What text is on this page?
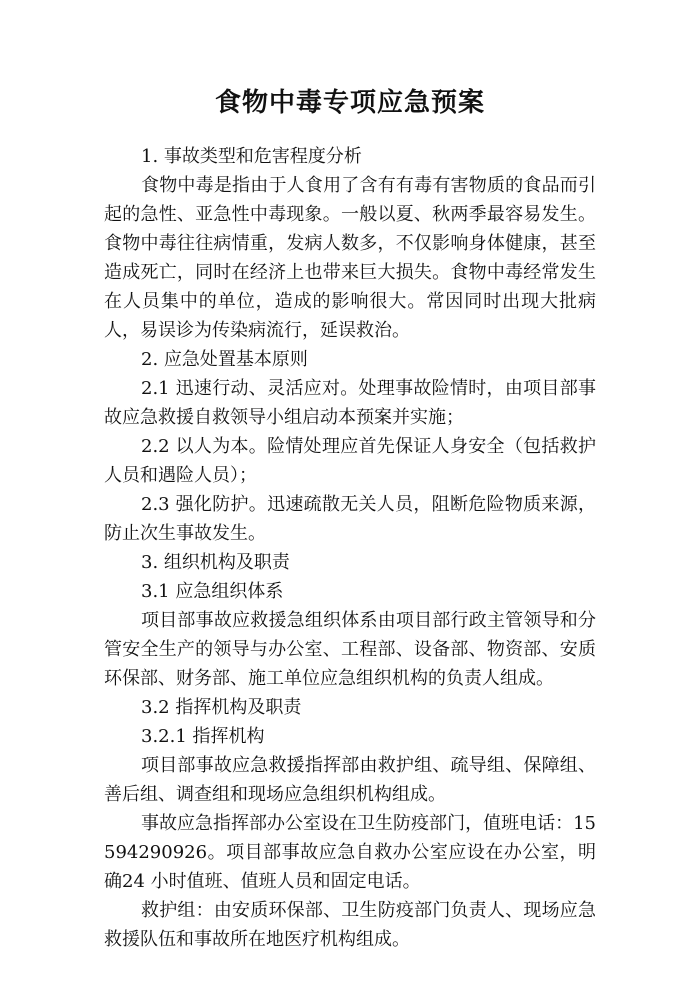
食物中毒专项应急预案

1. 事故类型和危害程度分析

食物中毒是指由于人食用了含有有毒有害物质的食品而引起的急性、亚急性中毒现象。一般以夏、秋两季最容易发生。食物中毒往往病情重，发病人数多，不仅影响身体健康，甚至造成死亡，同时在经济上也带来巨大损失。食物中毒经常发生在人员集中的单位，造成的影响很大。常因同时出现大批病人，易误诊为传染病流行，延误救治。

2. 应急处置基本原则

2.1 迅速行动、灵活应对。处理事故险情时，由项目部事故应急救援自救领导小组启动本预案并实施；

2.2 以人为本。险情处理应首先保证人身安全（包括救护人员和遇险人员）；

2.3 强化防护。迅速疏散无关人员，阻断危险物质来源，防止次生事故发生。

3. 组织机构及职责

3.1 应急组织体系

项目部事故应救援急组织体系由项目部行政主管领导和分管安全生产的领导与办公室、工程部、设备部、物资部、安质环保部、财务部、施工单位应急组织机构的负责人组成。

3.2 指挥机构及职责

3.2.1 指挥机构

项目部事故应急救援指挥部由救护组、疏导组、保障组、善后组、调查组和现场应急组织机构组成。

事故应急指挥部办公室设在卫生防疫部门，值班电话：15594290926。项目部事故应急自救办公室应设在办公室，明确24 小时值班、值班人员和固定电话。

救护组：由安质环保部、卫生防疫部门负责人、现场应急救援队伍和事故所在地医疗机构组成。
